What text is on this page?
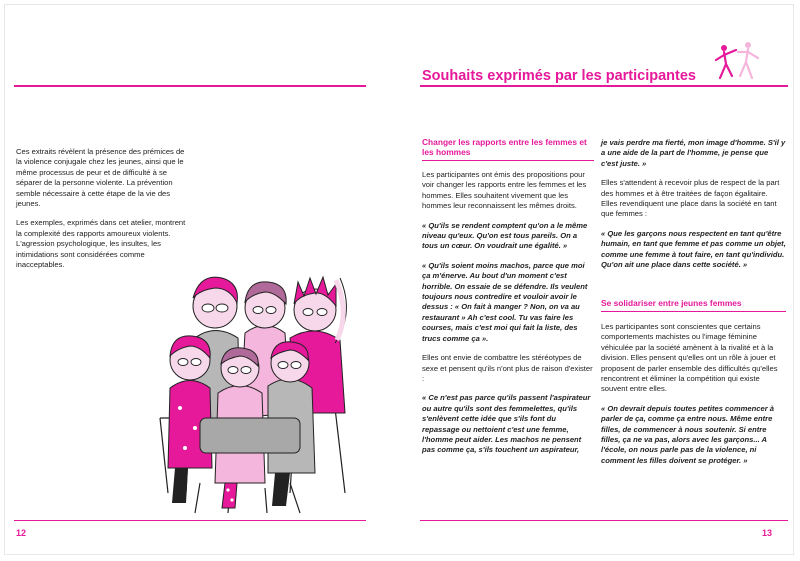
Ces extraits révèlent la présence des prémices de la violence conjugale chez les jeunes, ainsi que le même processus de peur et de difficulté à se séparer de la personne violente. La prévention semble nécessaire à cette étape de la vie des jeunes.

Les exemples, exprimés dans cet atelier, montrent la complexité des rapports amoureux violents. L'agression psychologique, les insultes, les intimidations sont considérées comme inacceptables.

12
Souhaits exprimés par les participantes
Changer les rapports entre les femmes et les hommes

Les participantes ont émis des propositions pour voir changer les rapports entre les femmes et les hommes. Elles souhaitent vivement que les hommes leur reconnaissent les mêmes droits.

« Qu'ils se rendent comptent qu'on a le même niveau qu'eux. Qu'on est tous pareils. On a tous un cœur. On voudrait une égalité. »

« Qu'ils soient moins machos, parce que moi ça m'énerve. Au bout d'un moment c'est horrible. On essaie de se défendre. Ils veulent toujours nous contredire et vouloir avoir le dessus : « On fait à manger ? Non, on va au restaurant » Ah c'est cool. Tu vas faire les courses, mais c'est moi qui fait la liste, des trucs comme ça ».

Elles ont envie de combattre les stéréotypes de sexe et pensent qu'ils n'ont plus de raison d'exister :

« Ce n'est pas parce qu'ils passent l'aspirateur ou autre qu'ils sont des femmelettes, qu'ils s'enlèvent cette idée que s'ils font du repassage ou nettoient c'est une femme, l'homme peut aider. Les machos ne pensent pas comme ça, s'ils touchent un aspirateur,

je vais perdre ma fierté, mon image d'homme. S'il y a une aide de la part de l'homme, je pense que c'est juste. »

Elles s'attendent à recevoir plus de respect de la part des hommes et à être traitées de façon égalitaire. Elles revendiquent une place dans la société en tant que femmes :

« Que les garçons nous respectent en tant qu'être humain, en tant que femme et pas comme un objet, comme une femme à tout faire, en tant qu'individu. Qu'on ait une place dans cette société. »

Se solidariser entre jeunes femmes

Les participantes sont conscientes que certains comportements machistes ou l'image féminine véhiculée par la société amènent à la rivalité et à la division. Elles pensent qu'elles ont un rôle à jouer et proposent de parler ensemble des difficultés qu'elles rencontrent et éliminer la compétition qui existe souvent entre elles.

« On devrait depuis toutes petites commencer à parler de ça, comme ça entre nous. Même entre filles, de commencer à nous soutenir. Si entre filles, ça ne va pas, alors avec les garçons... A l'école, on nous parle pas de la violence, ni comment les filles doivent se protéger. »

13
